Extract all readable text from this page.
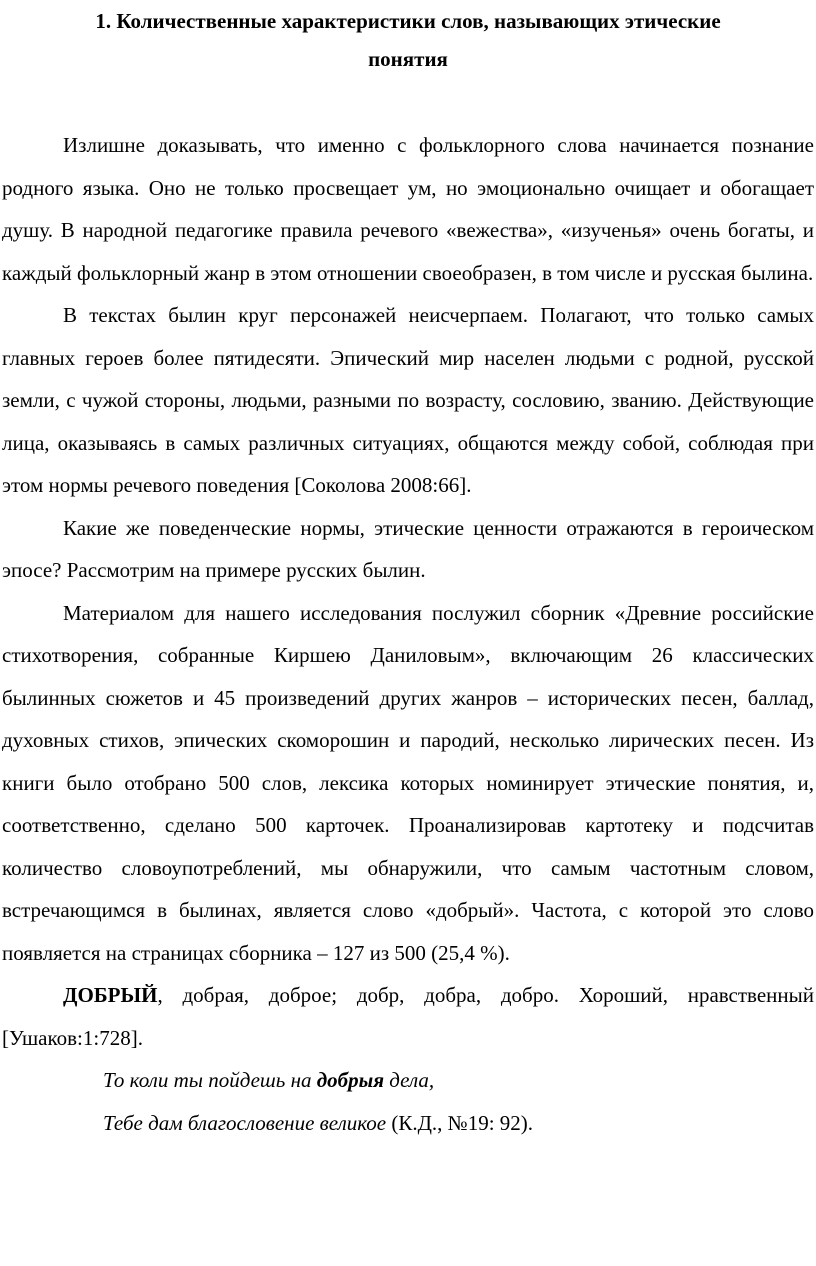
1. Количественные характеристики слов, называющих этические
понятия

Излишне доказывать, что именно с фольклорного слова начинается познание родного языка. Оно не только просвещает ум, но эмоционально очищает и обогащает душу. В народной педагогике правила речевого «вежества», «изученья» очень богаты, и каждый фольклорный жанр в этом отношении своеобразен, в том числе и русская былина.

В текстах былин круг персонажей неисчерпаем. Полагают, что только самых главных героев более пятидесяти. Эпический мир населен людьми с родной, русской земли, с чужой стороны, людьми, разными по возрасту, сословию, званию. Действующие лица, оказываясь в самых различных ситуациях, общаются между собой, соблюдая при этом нормы речевого поведения [Соколова 2008:66].

Какие же поведенческие нормы, этические ценности отражаются в героическом эпосе? Рассмотрим на примере русских былин.

Материалом для нашего исследования послужил сборник «Древние российские стихотворения, собранные Киршею Даниловым», включающим 26 классических былинных сюжетов и 45 произведений других жанров – исторических песен, баллад, духовных стихов, эпических скоморошин и пародий, несколько лирических песен. Из книги было отобрано 500 слов, лексика которых номинирует этические понятия, и, соответственно, сделано 500 карточек. Проанализировав картотеку и подсчитав количество словоупотреблений, мы обнаружили, что самым частотным словом, встречающимся в былинах, является слово «добрый». Частота, с которой это слово появляется на страницах сборника – 127 из 500 (25,4 %).

ДОБРЫЙ, добрая, доброе; добр, добра, добро. Хороший, нравственный [Ушаков:1:728].

То коли ты пойдешь на добрыя дела,
Тебе дам благословение великое (К.Д., №19: 92).
